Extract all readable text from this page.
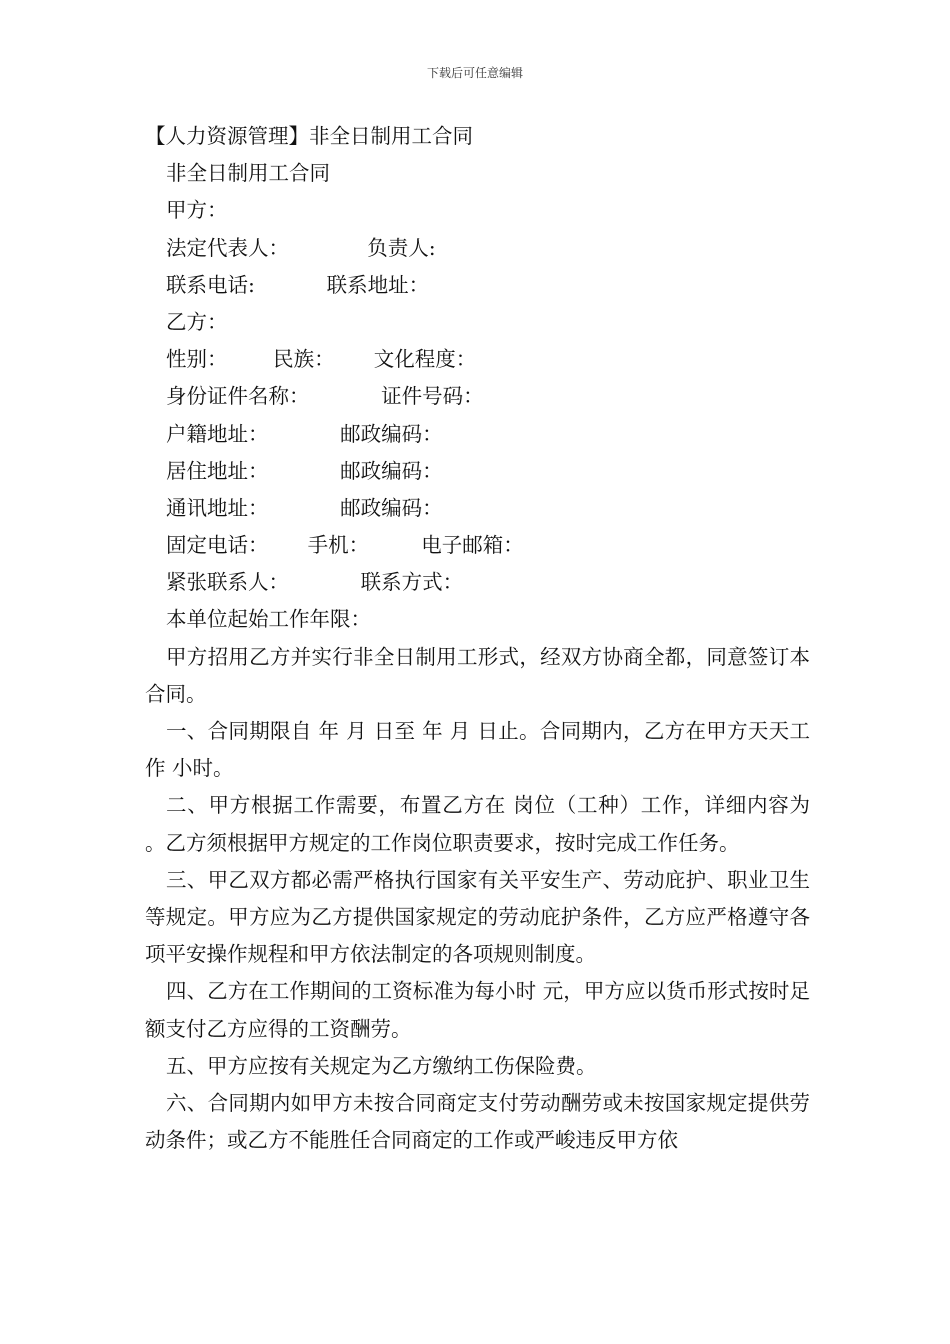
下载后可任意编辑
【人力资源管理】非全日制用工合同
非全日制用工合同
甲方：
法定代表人：            负责人:
联系电话:           联系地址：
乙方：
性别：       民族：      文化程度：
身份证件名称：           证件号码：
户籍地址：           邮政编码：
居住地址：           邮政编码：
通讯地址：           邮政编码：
固定电话：      手机：        电子邮箱：
紧张联系人：           联系方式：
本单位起始工作年限：
甲方招用乙方并实行非全日制用工形式，经双方协商全都，同意签订本合同。
一、合同期限自 年 月 日至 年 月 日止。合同期内，乙方在甲方天天工作 小时。
二、甲方根据工作需要，布置乙方在 岗位（工种）工作，详细内容为 。乙方须根据甲方规定的工作岗位职责要求，按时完成工作任务。
三、甲乙双方都必需严格执行国家有关平安生产、劳动庇护、职业卫生等规定。甲方应为乙方提供国家规定的劳动庇护条件，乙方应严格遵守各项平安操作规程和甲方依法制定的各项规则制度。
四、乙方在工作期间的工资标准为每小时 元，甲方应以货币形式按时足额支付乙方应得的工资酬劳。
五、甲方应按有关规定为乙方缴纳工伤保险费。
六、合同期内如甲方未按合同商定支付劳动酬劳或未按国家规定提供劳动条件；或乙方不能胜任合同商定的工作或严峻违反甲方依
